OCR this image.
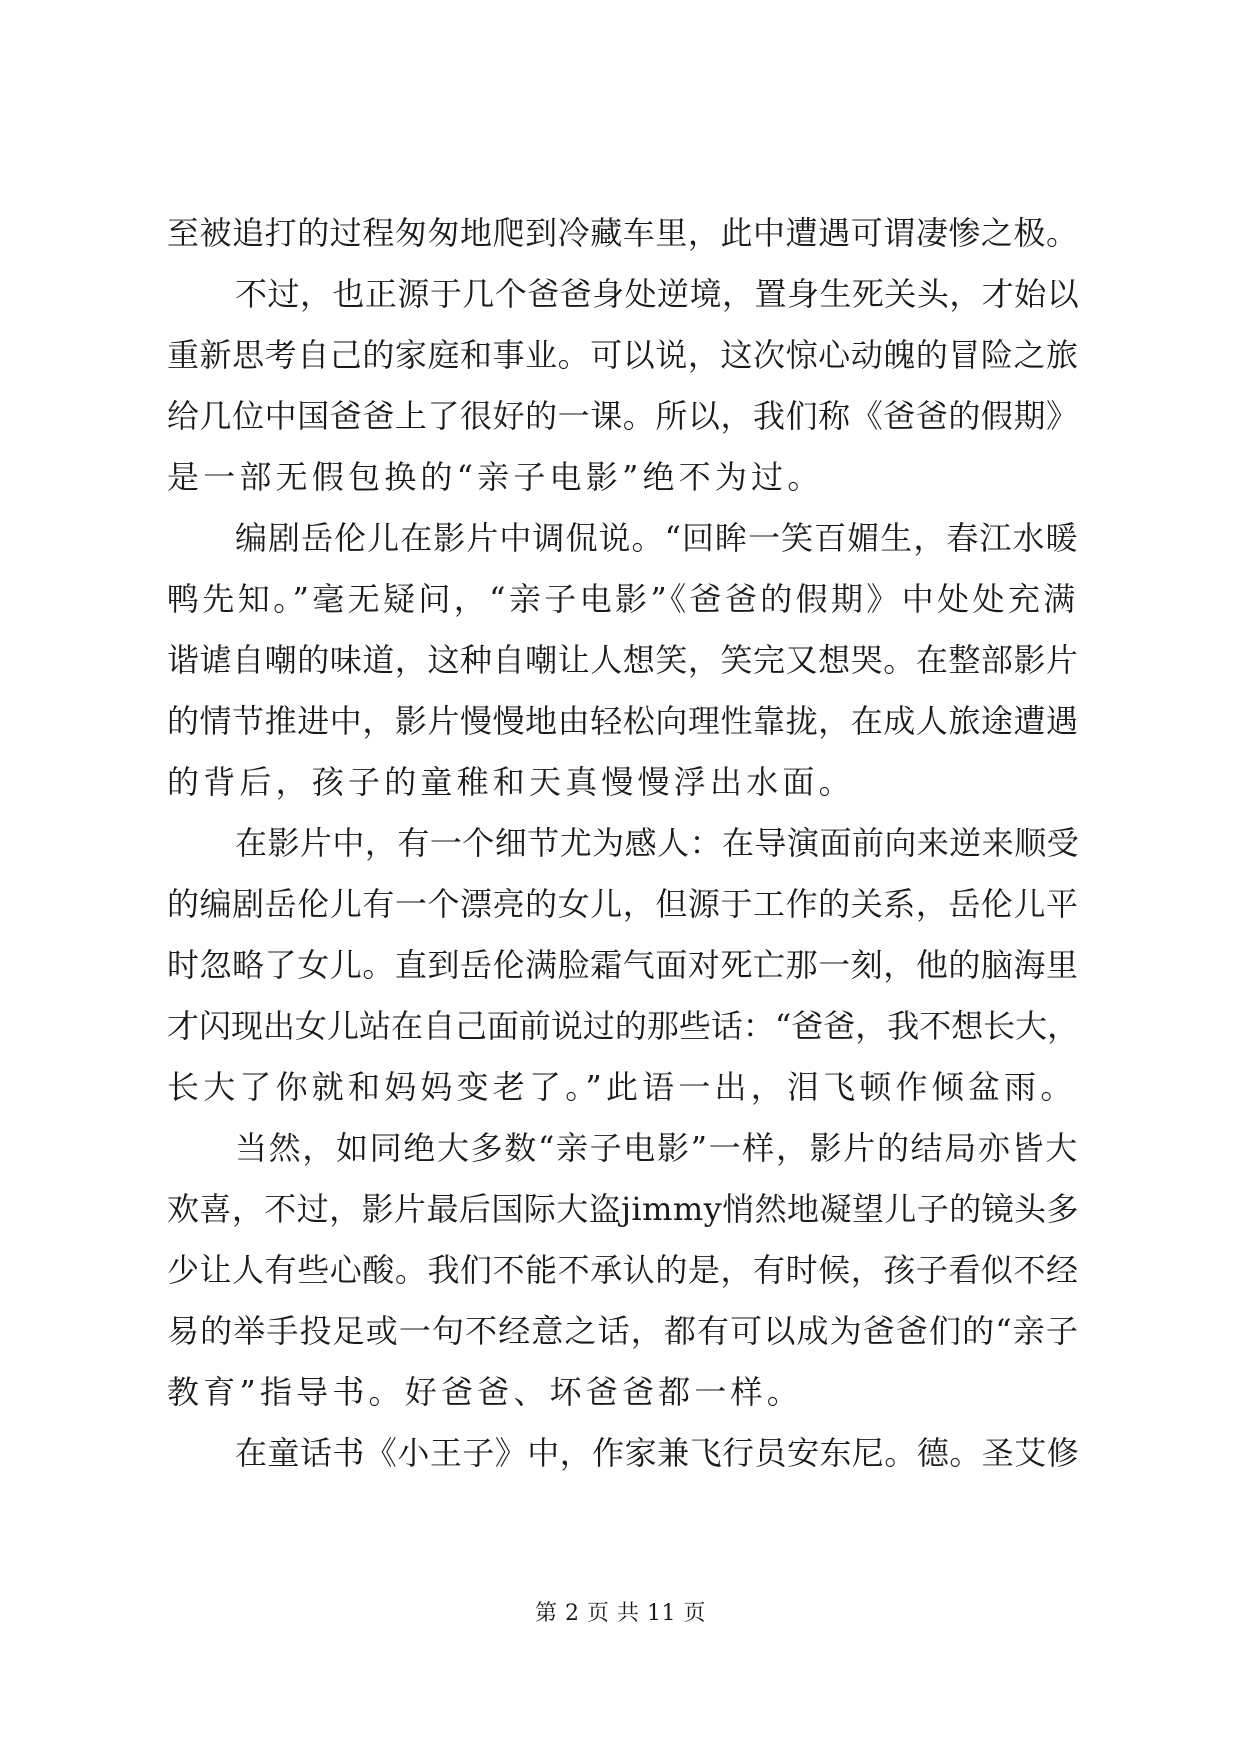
至被追打的过程匆匆地爬到冷藏车里，此中遭遇可谓凄惨之极。
不过，也正源于几个爸爸身处逆境，置身生死关头，才始以
重新思考自己的家庭和事业。可以说，这次惊心动魄的冒险之旅
给几位中国爸爸上了很好的一课。所以，我们称《爸爸的假期》
是一部无假包换的“亲子电影”绝不为过。
编剧岳伦儿在影片中调侃说。“回眸一笑百媚生，春江水暖
鸭先知。”毫无疑问，“亲子电影”《爸爸的假期》中处处充满
谐谑自嘲的味道，这种自嘲让人想笑，笑完又想哭。在整部影片
的情节推进中，影片慢慢地由轻松向理性靠拢，在成人旅途遭遇
的背后，孩子的童稚和天真慢慢浮出水面。
在影片中，有一个细节尤为感人：在导演面前向来逆来顺受
的编剧岳伦儿有一个漂亮的女儿，但源于工作的关系，岳伦儿平
时忽略了女儿。直到岳伦满脸霜气面对死亡那一刻，他的脑海里
才闪现出女儿站在自己面前说过的那些话：“爸爸，我不想长大，
长大了你就和妈妈变老了。”此语一出，泪飞顿作倾盆雨。
当然，如同绝大多数“亲子电影”一样，影片的结局亦皆大
欢喜，不过，影片最后国际大盗jimmy悄然地凝望儿子的镜头多
少让人有些心酸。我们不能不承认的是，有时候，孩子看似不经
易的举手投足或一句不经意之话，都有可以成为爸爸们的“亲子
教育”指导书。好爸爸、坏爸爸都一样。
在童话书《小王子》中，作家兼飞行员安东尼。德。圣艾修
第 2 页 共 11 页
